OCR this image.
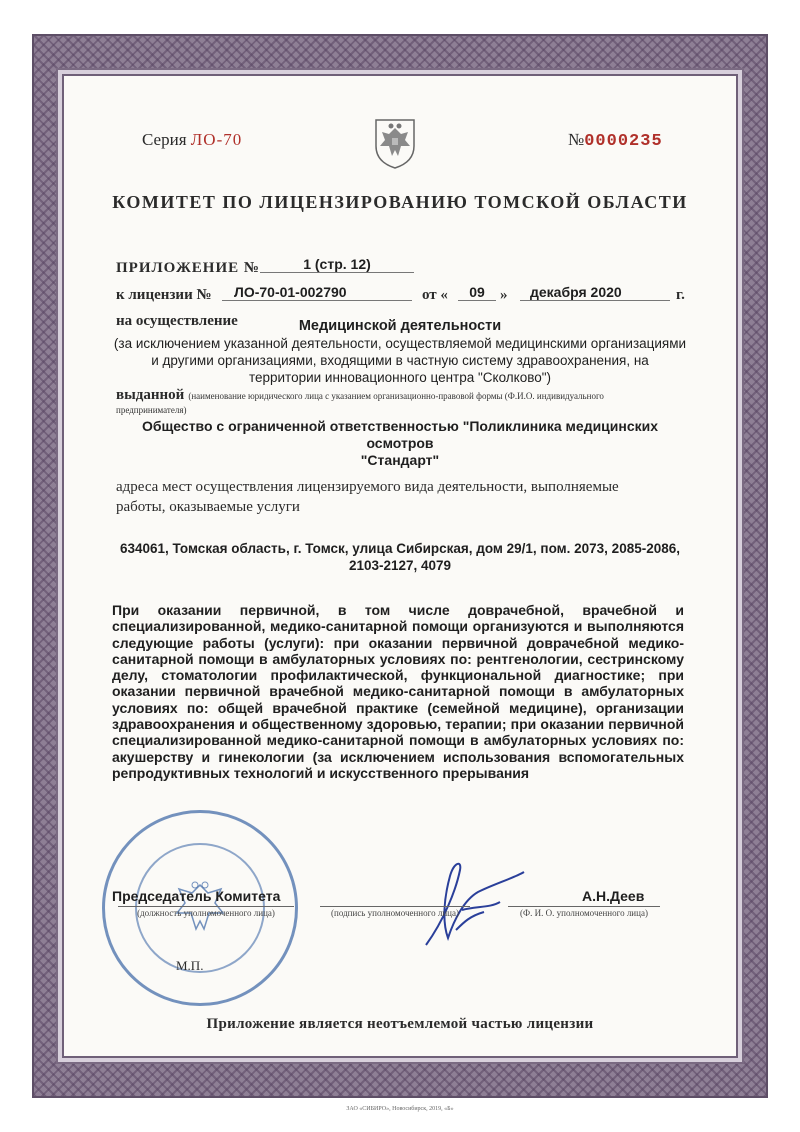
Серия ЛО-70	№0000235
КОМИТЕТ ПО ЛИЦЕНЗИРОВАНИЮ ТОМСКОЙ ОБЛАСТИ
ПРИЛОЖЕНИЕ №	1 (стр. 12)
к лицензии №	ЛО-70-01-002790	от «	09	»	декабря 2020	г.
на осуществление	Медицинской деятельности
(за исключением указанной деятельности, осуществляемой медицинскими организациями
и другими организациями, входящими в частную систему здравоохранения, на
территории инновационного центра "Сколково")
выданной (наименование юридического лица с указанием организационно-правовой формы (Ф.И.О. индивидуального
предпринимателя)
Общество с ограниченной ответственностью "Поликлиника медицинских осмотров
"Стандарт"
адреса мест осуществления лицензируемого вида деятельности, выполняемые
работы, оказываемые услуги
634061, Томская область, г. Томск, улица Сибирская, дом 29/1, пом. 2073, 2085-2086,
2103-2127, 4079
При оказании первичной, в том числе доврачебной, врачебной и специализированной, медико-санитарной помощи организуются и выполняются следующие работы (услуги): при оказании первичной доврачебной медико-санитарной помощи в амбулаторных условиях по: рентгенологии, сестринскому делу, стоматологии профилактической, функциональной диагностике; при оказании первичной врачебной медико-санитарной помощи в амбулаторных условиях по: общей врачебной практике (семейной медицине), организации здравоохранения и общественному здоровью, терапии; при оказании первичной специализированной медико-санитарной помощи в амбулаторных условиях по: акушерству и гинекологии (за исключением использования вспомогательных репродуктивных технологий и искусственного прерывания
Председатель Комитета
(должность уполномоченного лица)	(подпись уполномоченного лица)
А.Н.Деев
(Ф. И. О. уполномоченного лица)
М.П.
Приложение является неотъемлемой частью лицензии
ЗАО «СИБИРО», Новосибирск, 2019, «Б»
